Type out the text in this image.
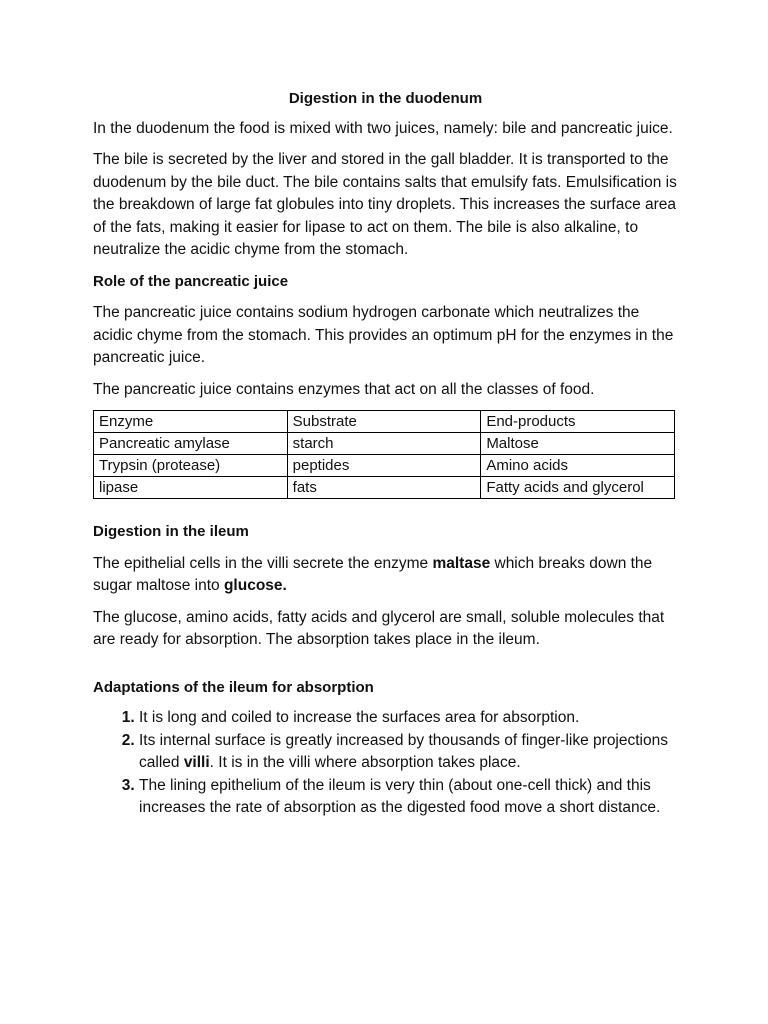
Digestion in the duodenum

In the duodenum the food is mixed with two juices, namely: bile and pancreatic juice.

The bile is secreted by the liver and stored in the gall bladder. It is transported to the duodenum by the bile duct. The bile contains salts that emulsify fats. Emulsification is the breakdown of large fat globules into tiny droplets. This increases the surface area of the fats, making it easier for lipase to act on them. The bile is also alkaline, to neutralize the acidic chyme from the stomach.

Role of the pancreatic juice

The pancreatic juice contains sodium hydrogen carbonate which neutralizes the acidic chyme from the stomach. This provides an optimum pH for the enzymes in the pancreatic juice.

The pancreatic juice contains enzymes that act on all the classes of food.

Enzyme	Substrate	End-products
Pancreatic amylase	starch	Maltose
Trypsin (protease)	peptides	Amino acids
lipase	fats	Fatty acids and glycerol
Digestion in the ileum

The epithelial cells in the villi secrete the enzyme maltase which breaks down the sugar maltose into glucose.

The glucose, amino acids, fatty acids and glycerol are small, soluble molecules that are ready for absorption. The absorption takes place in the ileum.

Adaptations of the ileum for absorption
1. It is long and coiled to increase the surfaces area for absorption.
2. Its internal surface is greatly increased by thousands of finger-like projections called villi. It is in the villi where absorption takes place.
3. The lining epithelium of the ileum is very thin (about one-cell thick) and this increases the rate of absorption as the digested food move a short distance.
